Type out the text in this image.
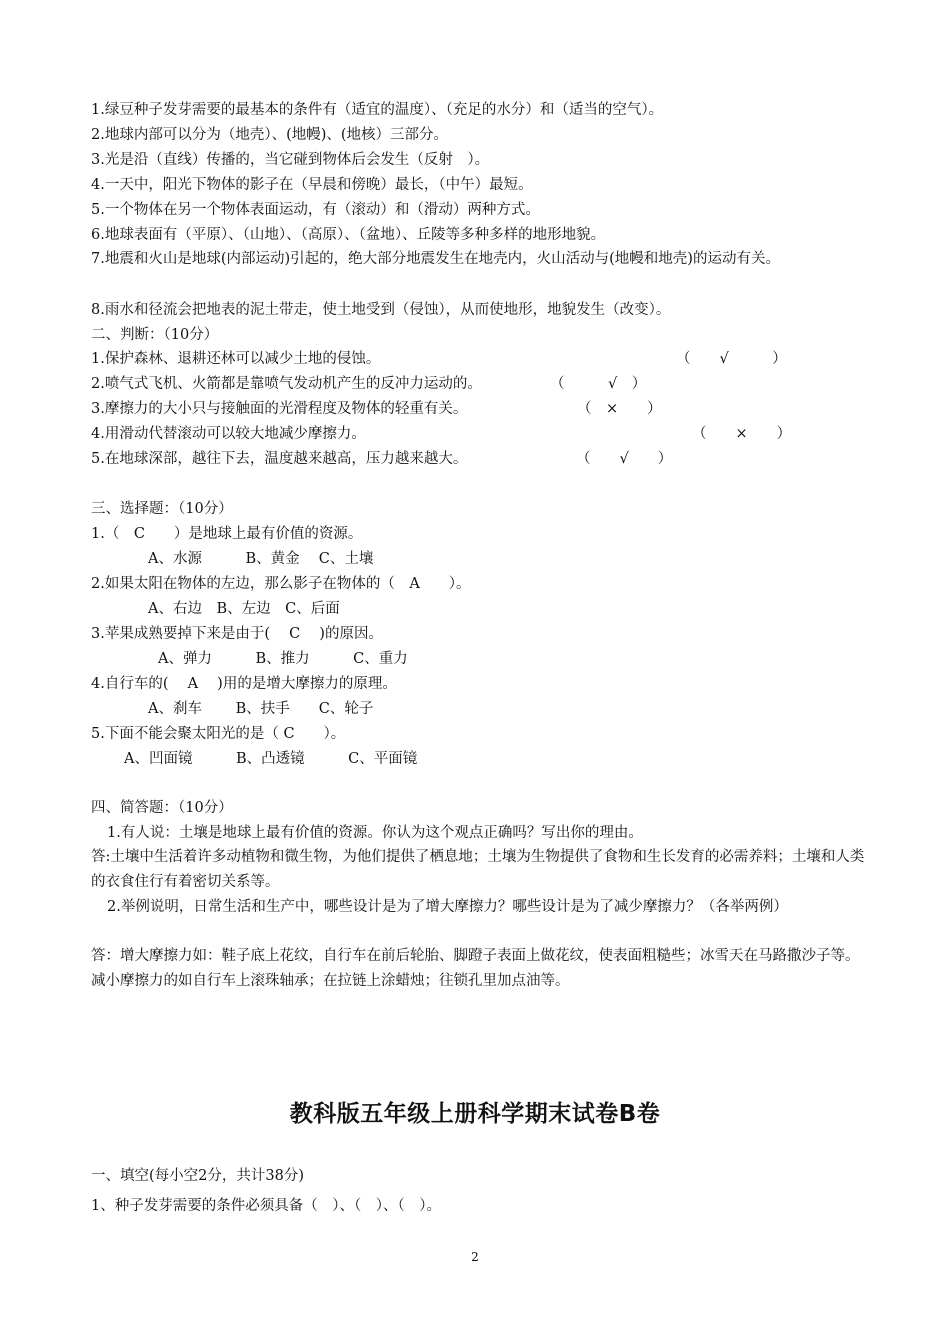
1.绿豆种子发芽需要的最基本的条件有（适宜的温度）、（充足的水分）和（适当的空气）。
2.地球内部可以分为（地壳）、(地幔)、(地核）三部分。
3.光是沿（直线）传播的，当它碰到物体后会发生（反射　）。
4.一天中，阳光下物体的影子在（早晨和傍晚）最长，（中午）最短。
5.一个物体在另一个物体表面运动，有（滚动）和（滑动）两种方式。
6.地球表面有（平原）、（山地）、（高原）、（盆地）、丘陵等多种多样的地形地貌。
7.地震和火山是地球(内部运动)引起的，绝大部分地震发生在地壳内，火山活动与(地幔和地壳)的运动有关。
8.雨水和径流会把地表的泥土带走，使土地受到（侵蚀），从而使地形，地貌发生（改变）。
二、判断：（10分）
1.保护森林、退耕还林可以减少土地的侵蚀。	（　　√　　　）
2.喷气式飞机、火箭都是靠喷气发动机产生的反冲力运动的。	（　　　√　）
3.摩擦力的大小只与接触面的光滑程度及物体的轻重有关。	（　×　　）
4.用滑动代替滚动可以较大地减少摩擦力。	（　　×　　）
5.在地球深部，越往下去，温度越来越高，压力越来越大。	（　　√　　）
三、选择题：（10分）
1.（　C　　）是地球上最有价值的资源。
A、水源　　　B、黄金　 C、土壤
2.如果太阳在物体的左边，那么影子在物体的（　A　　）。
A、右边　B、左边　C、后面
3.苹果成熟要掉下来是由于(　 C　 )的原因。
A、弹力　　　B、推力　　　C、重力
4.自行车的(　 A　 )用的是增大摩擦力的原理。
A、刹车　　 B、扶手　　C、轮子
5.下面不能会聚太阳光的是（ C　　）。
A、凹面镜　　　B、凸透镜　　　C、平面镜
四、简答题：（10分）
1.有人说：土壤是地球上最有价值的资源。你认为这个观点正确吗？写出你的理由。
答:土壤中生活着许多动植物和微生物，为他们提供了栖息地；土壤为生物提供了食物和生长发育的必需养料；土壤和人类的衣食住行有着密切关系等。
2.举例说明，日常生活和生产中，哪些设计是为了增大摩擦力？哪些设计是为了减少摩擦力？（各举两例）
答：增大摩擦力如：鞋子底上花纹，自行车在前后轮胎、脚蹬子表面上做花纹，使表面粗糙些；冰雪天在马路撒沙子等。减小摩擦力的如自行车上滚珠轴承；在拉链上涂蜡烛；往锁孔里加点油等。
教科版五年级上册科学期末试卷B卷
一、填空(每小空2分，共计38分)
1、种子发芽需要的条件必须具备（　）、（　）、（　）。
2
